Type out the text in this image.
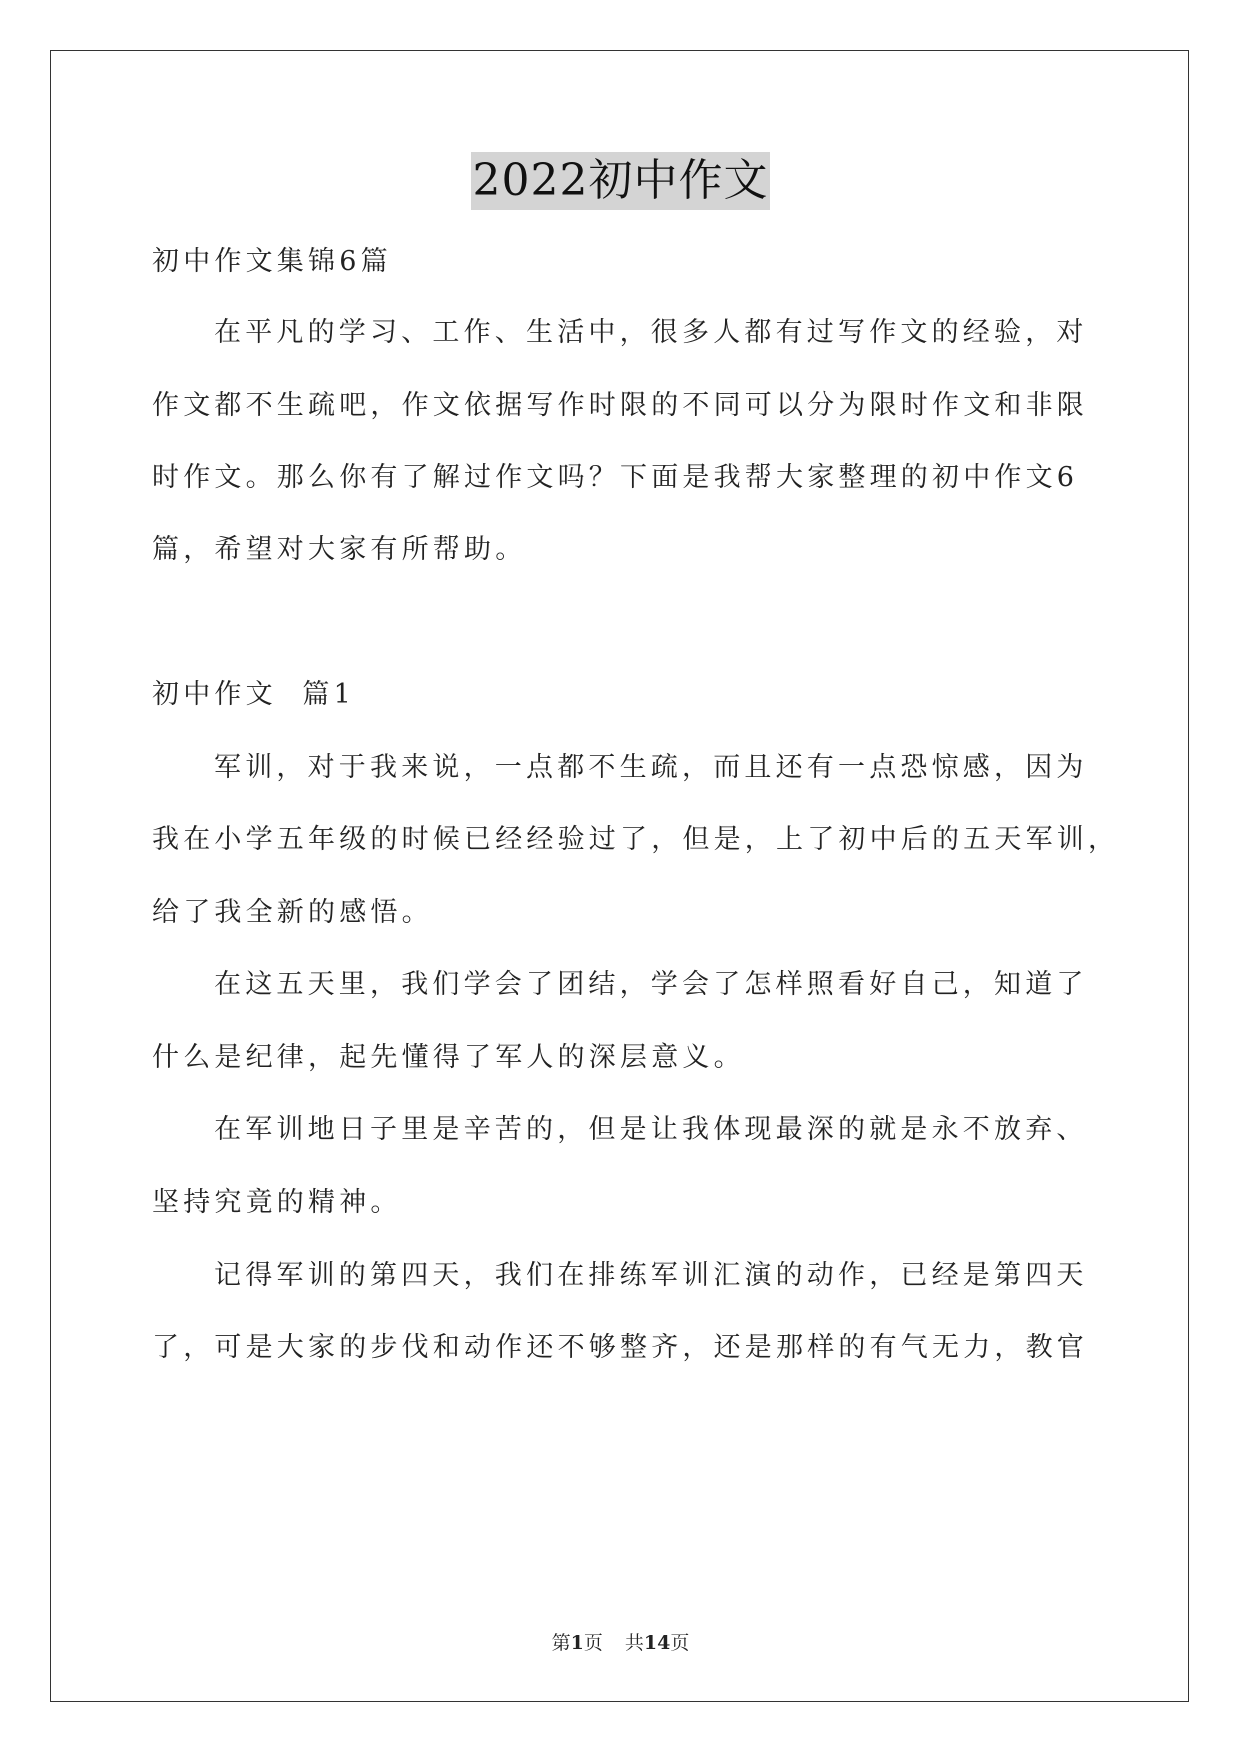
2022初中作文

初中作文集锦6篇

在平凡的学习、工作、生活中，很多人都有过写作文的经验，对

作文都不生疏吧，作文依据写作时限的不同可以分为限时作文和非限

时作文。那么你有了解过作文吗？下面是我帮大家整理的初中作文6

篇，希望对大家有所帮助。

初中作文  篇1

军训，对于我来说，一点都不生疏，而且还有一点恐惊感，因为

我在小学五年级的时候已经经验过了，但是，上了初中后的五天军训，

给了我全新的感悟。

在这五天里，我们学会了团结，学会了怎样照看好自己，知道了

什么是纪律，起先懂得了军人的深层意义。

在军训地日子里是辛苦的，但是让我体现最深的就是永不放弃、

坚持究竟的精神。

记得军训的第四天，我们在排练军训汇演的动作，已经是第四天

了，可是大家的步伐和动作还不够整齐，还是那样的有气无力，教官

第1页 共14页
